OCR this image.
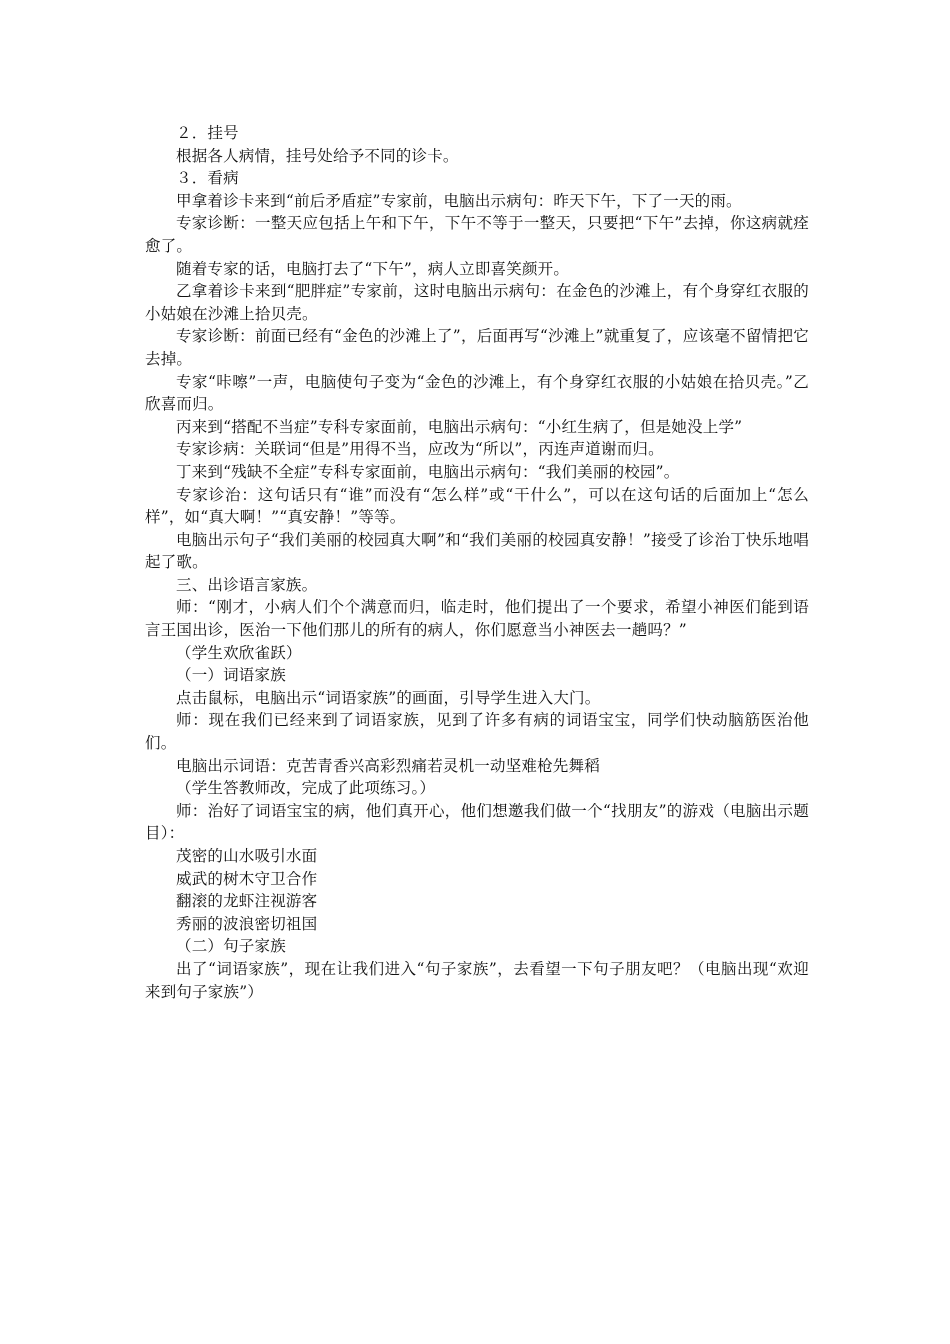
２．挂号

根据各人病情，挂号处给予不同的诊卡。

３．看病

甲拿着诊卡来到“前后矛盾症”专家前，电脑出示病句：昨天下午，下了一天的雨。

专家诊断：一整天应包括上午和下午，下午不等于一整天，只要把“下午”去掉，你这病就痊愈了。

随着专家的话，电脑打去了“下午”，病人立即喜笑颜开。

乙拿着诊卡来到“肥胖症”专家前，这时电脑出示病句：在金色的沙滩上，有个身穿红衣服的小姑娘在沙滩上拾贝壳。

专家诊断：前面已经有“金色的沙滩上了”，后面再写“沙滩上”就重复了，应该毫不留情把它去掉。

专家“咔嚓”一声，电脑使句子变为“金色的沙滩上，有个身穿红衣服的小姑娘在拾贝壳。”乙欣喜而归。

丙来到“搭配不当症”专科专家面前，电脑出示病句：“小红生病了，但是她没上学”

专家诊病：关联词“但是”用得不当，应改为“所以”，丙连声道谢而归。

丁来到“残缺不全症”专科专家面前，电脑出示病句：“我们美丽的校园”。

专家诊治：这句话只有“谁”而没有“怎么样”或“干什么”，可以在这句话的后面加上“怎么样”，如“真大啊！”“真安静！”等等。

电脑出示句子“我们美丽的校园真大啊”和“我们美丽的校园真安静！”接受了诊治丁快乐地唱起了歌。

三、出诊语言家族。

师：“刚才，小病人们个个满意而归，临走时，他们提出了一个要求，希望小神医们能到语言王国出诊，医治一下他们那儿的所有的病人，你们愿意当小神医去一趟吗？”

（学生欢欣雀跃）

（一）词语家族

点击鼠标，电脑出示“词语家族”的画面，引导学生进入大门。

师：现在我们已经来到了词语家族，见到了许多有病的词语宝宝，同学们快动脑筋医治他们。

电脑出示词语：克苦青香兴高彩烈痛若灵机一动坚难枪先舞稻

（学生答教师改，完成了此项练习。）

师：治好了词语宝宝的病，他们真开心，他们想邀我们做一个“找朋友”的游戏（电脑出示题目）：

茂密的山水吸引水面

威武的树木守卫合作

翻滚的龙虾注视游客

秀丽的波浪密切祖国

（二）句子家族

出了“词语家族”，现在让我们进入“句子家族”，去看望一下句子朋友吧？（电脑出现“欢迎来到句子家族”）
